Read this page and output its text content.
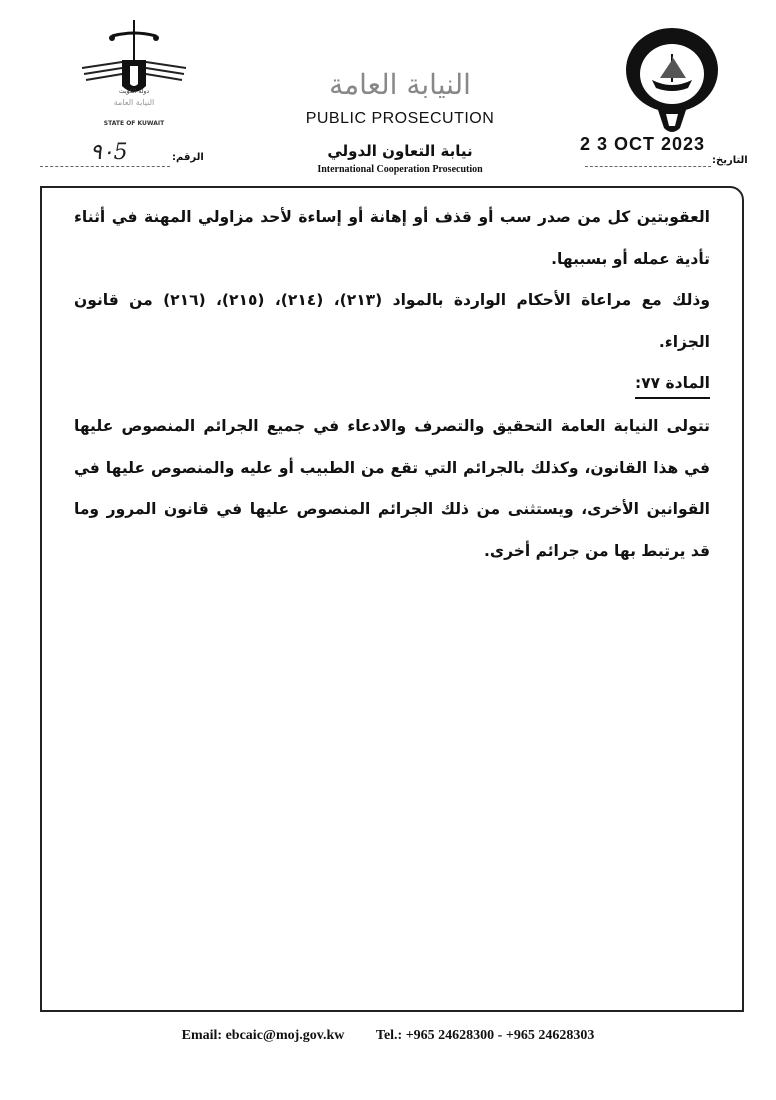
دولة الكويت
النيابة العامة
STATE OF KUWAIT
٩٠5	الرقم:
النيابة العامة
PUBLIC PROSECUTION
نيابة التعاون الدولي
International Cooperation Prosecution
2 3 OCT 2023
التاريخ:

العقوبتين كل من صدر سب أو قذف أو إهانة أو إساءة لأحد مزاولي المهنة في أثناء تأدية عمله أو بسببها.

وذلك مع مراعاة الأحكام الواردة بالمواد (٢١٣)، (٢١٤)، (٢١٥)، (٢١٦) من قانون الجزاء.

المادة ٧٧:

تتولى النيابة العامة التحقيق والتصرف والادعاء في جميع الجرائم المنصوص عليها في هذا القانون، وكذلك بالجرائم التي تقع من الطبيب أو عليه والمنصوص عليها في القوانين الأخرى، ويستثنى من ذلك الجرائم المنصوص عليها في قانون المرور وما قد يرتبط بها من جرائم أخرى.

Email: ebcaic@moj.gov.kw Tel.: +965 24628300 - +965 24628303
